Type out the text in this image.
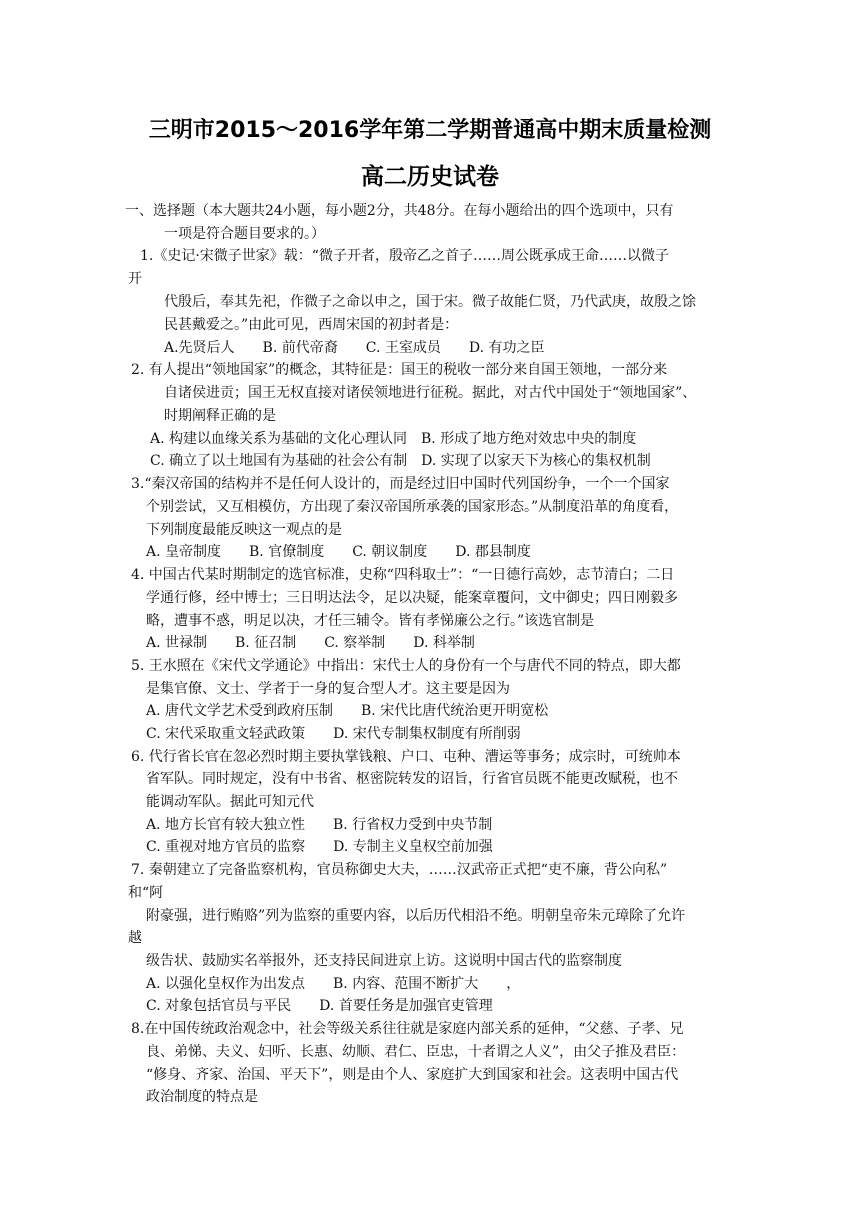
三明市2015～2016学年第二学期普通高中期末质量检测
高二历史试卷
一、选择题（本大题共24小题，每小题2分，共48分。在每小题给出的四个选项中，只有
一项是符合题目要求的。）
1.《史记·宋微子世家》载：“微子开者，殷帝乙之首子……周公既承成王命……以微子
开
代殷后，奉其先祀，作微子之命以申之，国于宋。微子故能仁贤，乃代武庚，故殷之馀
民甚戴爱之。”由此可见，西周宋国的初封者是：
A.先贤后人　　B. 前代帝裔　　C. 王室成员　　D. 有功之臣
2. 有人提出“领地国家”的概念，其特征是：国王的税收一部分来自国王领地，一部分来
自诸侯进贡；国王无权直接对诸侯领地进行征税。据此，对古代中国处于“领地国家”、
时期阐释正确的是
A. 构建以血缘关系为基础的文化心理认同　B. 形成了地方绝对效忠中央的制度
C. 确立了以土地国有为基础的社会公有制　D. 实现了以家天下为核心的集权机制
3.“秦汉帝国的结构并不是任何人设计的，而是经过旧中国时代列国纷争，一个一个国家
个别尝试，又互相模仿，方出现了秦汉帝国所承袭的国家形态。”从制度沿革的角度看，
下列制度最能反映这一观点的是
A. 皇帝制度　　B. 官僚制度　　C. 朝议制度　　D. 郡县制度
4. 中国古代某时期制定的选官标准，史称“四科取士”：“一日德行高妙，志节清白；二日
学通行修，经中博士；三日明达法令，足以决疑，能案章覆问，文中御史；四日刚毅多
略，遭事不惑，明足以决，才任三辅令。皆有孝悌廉公之行。”该选官制是
A. 世禄制　　B. 征召制　　C. 察举制　　D. 科举制
5. 王水照在《宋代文学通论》中指出：宋代士人的身份有一个与唐代不同的特点，即大都
是集官僚、文士、学者于一身的复合型人才。这主要是因为
A. 唐代文学艺术受到政府压制　　B. 宋代比唐代统治更开明宽松
C. 宋代采取重文轻武政策　　D. 宋代专制集权制度有所削弱
6. 代行省长官在忽必烈时期主要执掌钱粮、户口、屯种、漕运等事务；成宗时，可统帅本
省军队。同时规定，没有中书省、枢密院转发的诏旨，行省官员既不能更改赋税，也不
能调动军队。据此可知元代
A. 地方长官有较大独立性　　B. 行省权力受到中央节制
C. 重视对地方官员的监察　　D. 专制主义皇权空前加强
7. 秦朝建立了完备监察机构，官员称御史大夫，……汉武帝正式把“吏不廉，背公向私”
和“阿
附豪强，进行贿赂”列为监察的重要内容，以后历代相沿不绝。明朝皇帝朱元璋除了允许
越
级告状、鼓励实名举报外，还支持民间进京上访。这说明中国古代的监察制度
A. 以强化皇权作为出发点　　B. 内容、范围不断扩大　　，
C. 对象包括官员与平民　　D. 首要任务是加强官吏管理
8.在中国传统政治观念中，社会等级关系往往就是家庭内部关系的延伸，“父慈、子孝、兄
良、弟悌、夫义、妇听、长惠、幼顺、君仁、臣忠，十者谓之人义”，由父子推及君臣：
“修身、齐家、治国、平天下”，则是由个人、家庭扩大到国家和社会。这表明中国古代
政治制度的特点是
